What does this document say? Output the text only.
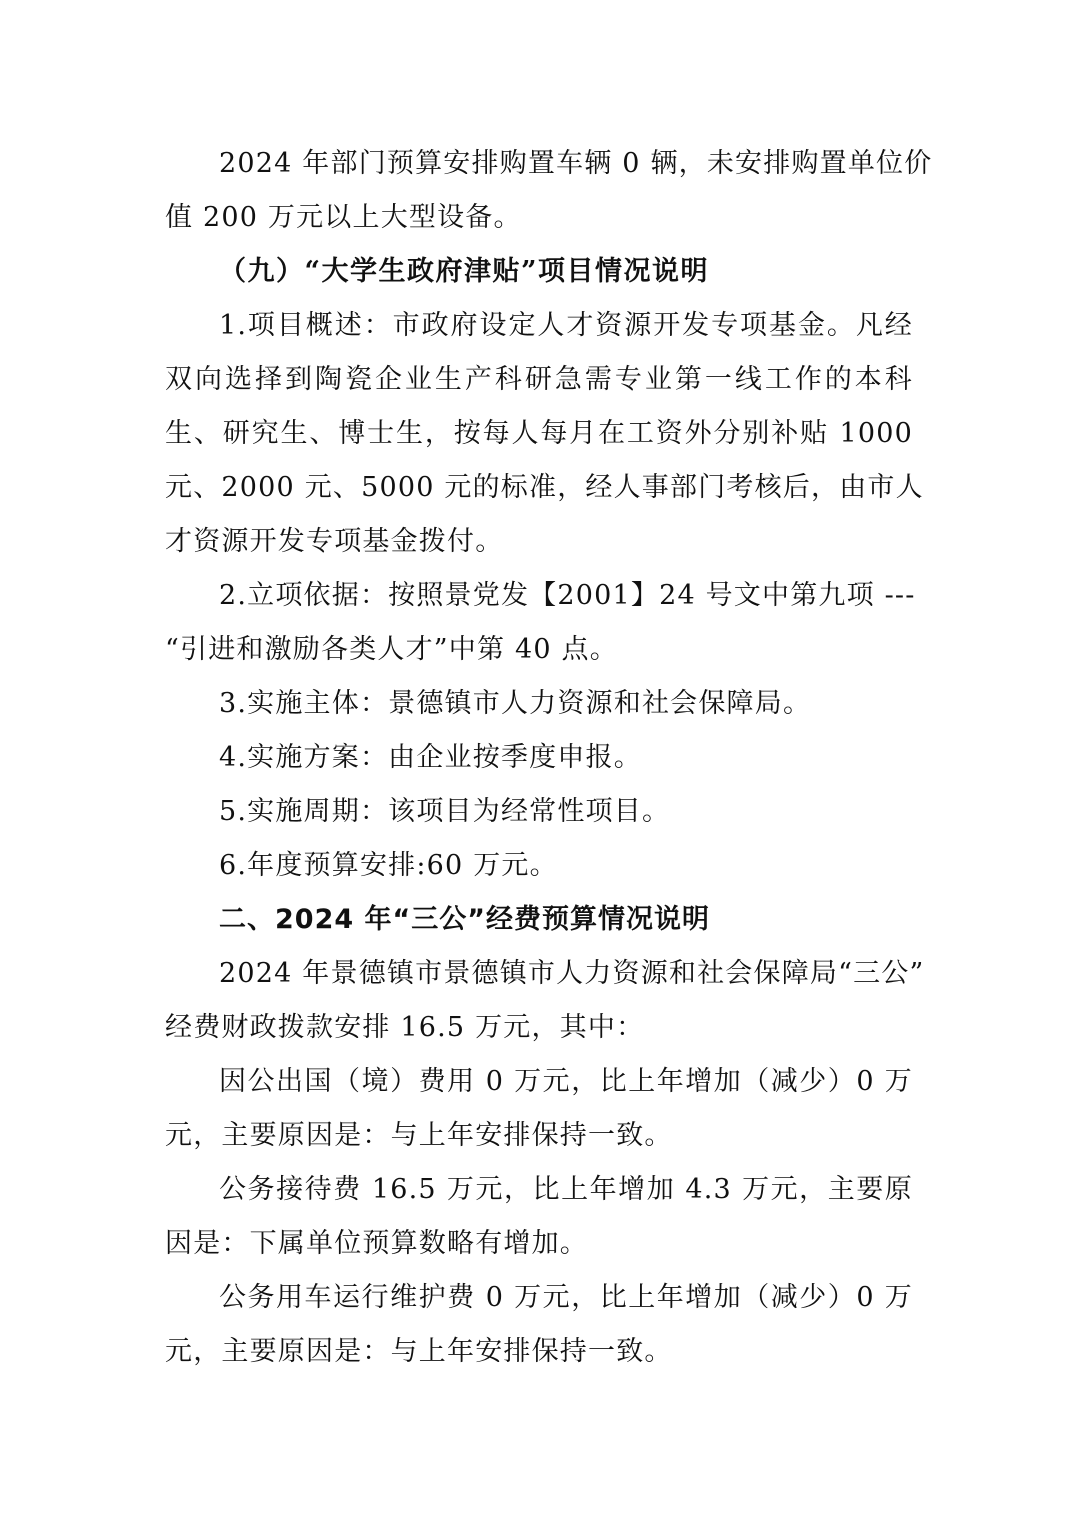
2024 年部门预算安排购置车辆 0 辆，未安排购置单位价
值 200 万元以上大型设备。
（九）“大学生政府津贴”项目情况说明
1.项目概述：市政府设定人才资源开发专项基金。凡经
双向选择到陶瓷企业生产科研急需专业第一线工作的本科
生、研究生、博士生，按每人每月在工资外分别补贴 1000
元、2000 元、5000 元的标准，经人事部门考核后，由市人
才资源开发专项基金拨付。
2.立项依据：按照景党发【2001】24 号文中第九项 ---
“引进和激励各类人才”中第 40 点。
3.实施主体：景德镇市人力资源和社会保障局。
4.实施方案：由企业按季度申报。
5.实施周期：该项目为经常性项目。
6.年度预算安排:60 万元。
二、2024 年“三公”经费预算情况说明
2024 年景德镇市景德镇市人力资源和社会保障局“三公”
经费财政拨款安排 16.5 万元，其中：
因公出国（境）费用 0 万元，比上年增加（减少）0 万
元，主要原因是：与上年安排保持一致。
公务接待费 16.5 万元，比上年增加 4.3 万元，主要原
因是：下属单位预算数略有增加。
公务用车运行维护费 0 万元，比上年增加（减少）0 万
元，主要原因是：与上年安排保持一致。
